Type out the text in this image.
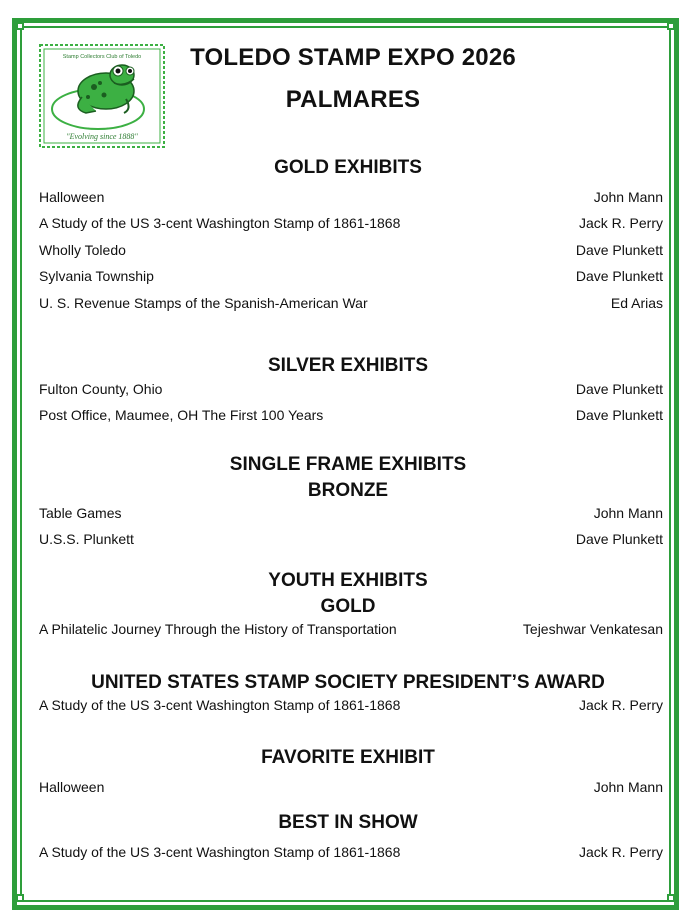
Stamp Collectors Club of Toledo
"Evolving since 1888"
TOLEDO STAMP EXPO 2026
PALMARES
GOLD EXHIBITS
Halloween	John Mann
A Study of the US 3-cent Washington Stamp of 1861-1868	Jack R. Perry
Wholly Toledo	Dave Plunkett
Sylvania Township	Dave Plunkett
U. S. Revenue Stamps of the Spanish-American War	Ed Arias
SILVER EXHIBITS
Fulton County, Ohio	Dave Plunkett
Post Office, Maumee, OH The First 100 Years	Dave Plunkett
SINGLE FRAME EXHIBITS
BRONZE
Table Games	John Mann
U.S.S. Plunkett	Dave Plunkett
YOUTH EXHIBITS
GOLD
A Philatelic Journey Through the History of Transportation	Tejeshwar Venkatesan
UNITED STATES STAMP SOCIETY PRESIDENT’S AWARD
A Study of the US 3-cent Washington Stamp of 1861-1868	Jack R. Perry
FAVORITE EXHIBIT
Halloween	John Mann
BEST IN SHOW
A Study of the US 3-cent Washington Stamp of 1861-1868	Jack R. Perry
